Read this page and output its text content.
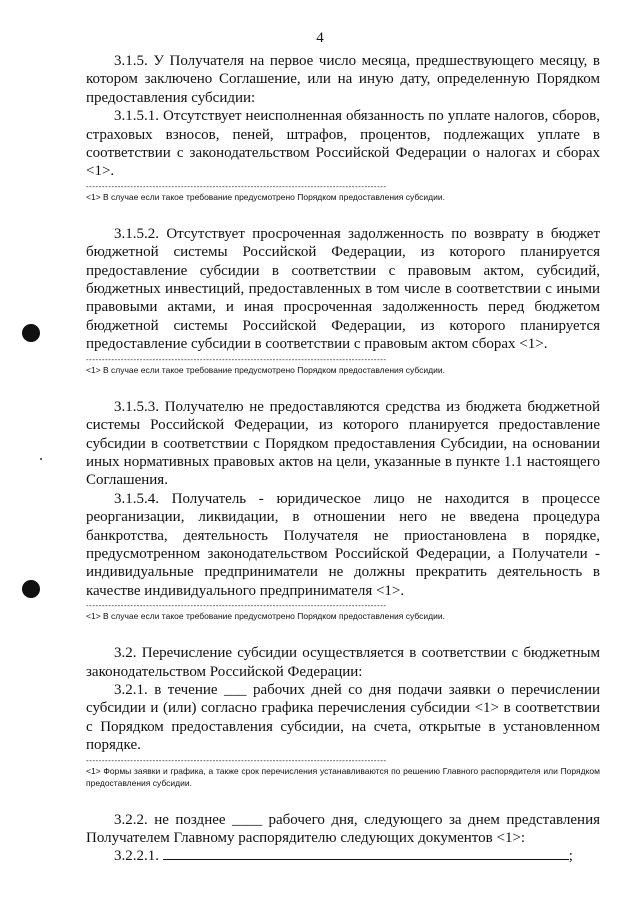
4

3.1.5. У Получателя на первое число месяца, предшествующего месяцу, в котором заключено Соглашение, или на иную дату, определенную Порядком предоставления субсидии:

3.1.5.1. Отсутствует неисполненная обязанность по уплате налогов, сборов, страховых взносов, пеней, штрафов, процентов, подлежащих уплате в соответствии с законодательством Российской Федерации о налогах и сборах <1>.

-----------------------------------------------------------------------------------------------

<1> В случае если такое требование предусмотрено Порядком предоставления субсидии.

3.1.5.2. Отсутствует просроченная задолженность по возврату в бюджет бюджетной системы Российской Федерации, из которого планируется предоставление субсидии в соответствии с правовым актом, субсидий, бюджетных инвестиций, предоставленных в том числе в соответствии с иными правовыми актами, и иная просроченная задолженность перед бюджетом бюджетной системы Российской Федерации, из которого планируется предоставление субсидии в соответствии с правовым актом сборах <1>.

-----------------------------------------------------------------------------------------------

<1> В случае если такое требование предусмотрено Порядком предоставления субсидии.

3.1.5.3. Получателю не предоставляются средства из бюджета бюджетной системы Российской Федерации, из которого планируется предоставление субсидии в соответствии с Порядком предоставления Субсидии, на основании иных нормативных правовых актов на цели, указанные в пункте 1.1 настоящего Соглашения.

3.1.5.4. Получатель - юридическое лицо не находится в процессе реорганизации, ликвидации, в отношении него не введена процедура банкротства, деятельность Получателя не приостановлена в порядке, предусмотренном законодательством Российской Федерации, а Получатели - индивидуальные предприниматели не должны прекратить деятельность в качестве индивидуального предпринимателя <1>.

-----------------------------------------------------------------------------------------------

<1> В случае если такое требование предусмотрено Порядком предоставления субсидии.

3.2. Перечисление субсидии осуществляется в соответствии с бюджетным законодательством Российской Федерации:

3.2.1. в течение ___ рабочих дней со дня подачи заявки о перечислении субсидии и (или) согласно графика перечисления субсидии <1> в соответствии с Порядком предоставления субсидии, на счета, открытые в установленном порядке.

-----------------------------------------------------------------------------------------------

<1> Формы заявки и графика, а также срок перечисления устанавливаются по решению Главного распорядителя или Порядком предоставления субсидии.

3.2.2. не позднее ____ рабочего дня, следующего за днем представления Получателем Главному распорядителю следующих документов <1>:

3.2.2.1.	;
